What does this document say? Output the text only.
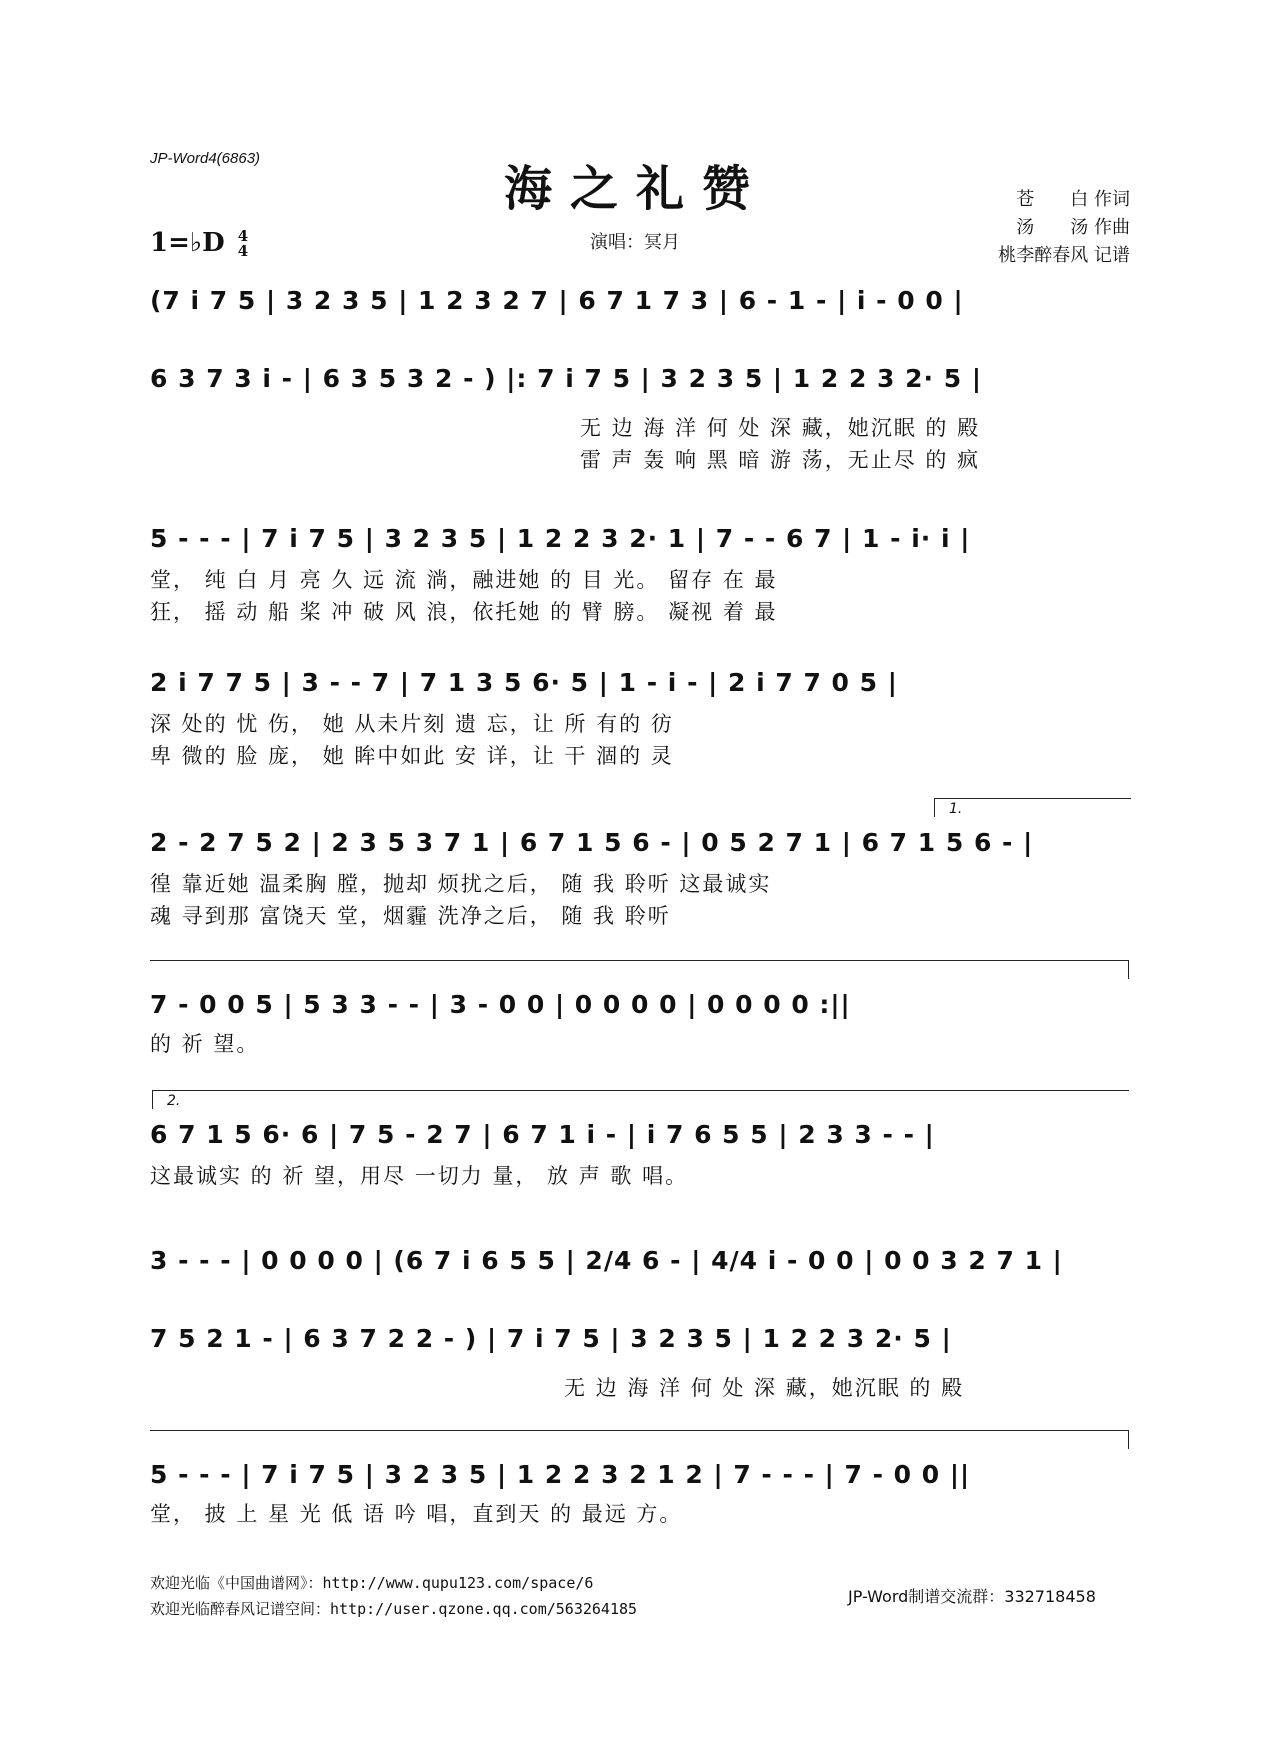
JP-Word4(6863)
海之礼赞
1=♭D 4
4	演唱：冥月
苍　　白 作词
汤　　汤 作曲
桃李醉春风 记谱
(7 i 7 5 | 3 2 3 5 | 1 2 3 2 7 | 6 7 1 7 3 | 6 - 1 - | i - 0 0 |
6 3 7 3 i - | 6 3 5 3 2 - ) |: 7 i 7 5 | 3 2 3 5 | 1 2 2 3 2· 5 |
无 边 海 洋 何 处 深 藏，她沉眠 的 殿
雷 声 轰 响 黑 暗 游 荡，无止尽 的 疯
5 - - - | 7 i 7 5 | 3 2 3 5 | 1 2 2 3 2· 1 | 7 - - 6 7 | 1 - i· i |
堂， 纯 白 月 亮 久 远 流 淌，融进她 的 目 光。 留存 在 最
狂， 摇 动 船 桨 冲 破 风 浪，依托她 的 臂 膀。 凝视 着 最
2 i 7 7 5 | 3 - - 7 | 7 1 3 5 6· 5 | 1 - i - | 2 i 7 7 0 5 |
深 处的 忧 伤， 她 从未片刻 遗 忘，让 所 有的 彷
卑 微的 脸 庞， 她 眸中如此 安 详，让 干 涸的 灵
1.
2 - 2 7 5 2 | 2 3 5 3 7 1 | 6 7 1 5 6 - | 0 5 2 7 1 | 6 7 1 5 6 - |
徨 靠近她 温柔胸 膛，抛却 烦扰之后， 随 我 聆听 这最诚实
魂 寻到那 富饶天 堂，烟霾 洗净之后， 随 我 聆听
7 - 0 0 5 | 5 3 3 - - | 3 - 0 0 | 0 0 0 0 | 0 0 0 0 :||
的 祈 望。
2.
6 7 1 5 6· 6 | 7 5 - 2 7 | 6 7 1 i - | i 7 6 5 5 | 2 3 3 - - |
这最诚实 的 祈 望，用尽 一切力 量， 放 声 歌 唱。
3 - - - | 0 0 0 0 | (6 7 i 6 5 5 | 2/4 6 - | 4/4 i - 0 0 | 0 0 3 2 7 1 |
7 5 2 1 - | 6 3 7 2 2 - ) | 7 i 7 5 | 3 2 3 5 | 1 2 2 3 2· 5 |
无 边 海 洋 何 处 深 藏，她沉眠 的 殿
5 - - - | 7 i 7 5 | 3 2 3 5 | 1 2 2 3 2 1 2 | 7 - - - | 7 - 0 0 ||
堂， 披 上 星 光 低 语 吟 唱，直到天 的 最远 方。
欢迎光临《中国曲谱网》：http://www.qupu123.com/space/6
欢迎光临醉春风记谱空间：http://user.qzone.qq.com/563264185
JP-Word制谱交流群：332718458
